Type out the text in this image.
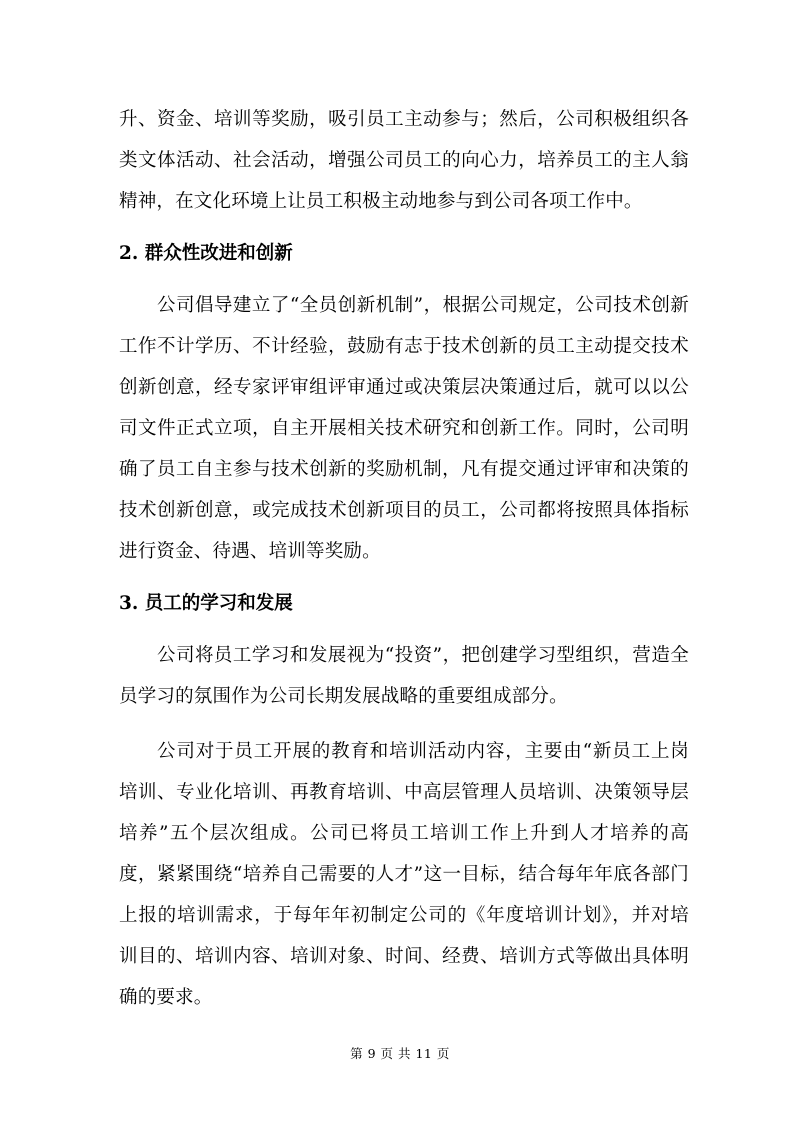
升、资金、培训等奖励，吸引员工主动参与；然后，公司积极组织各类文体活动、社会活动，增强公司员工的向心力，培养员工的主人翁精神，在文化环境上让员工积极主动地参与到公司各项工作中。

2. 群众性改进和创新

公司倡导建立了“全员创新机制”，根据公司规定，公司技术创新工作不计学历、不计经验，鼓励有志于技术创新的员工主动提交技术创新创意，经专家评审组评审通过或决策层决策通过后，就可以以公司文件正式立项，自主开展相关技术研究和创新工作。同时，公司明确了员工自主参与技术创新的奖励机制，凡有提交通过评审和决策的技术创新创意，或完成技术创新项目的员工，公司都将按照具体指标进行资金、待遇、培训等奖励。

3. 员工的学习和发展

公司将员工学习和发展视为“投资”，把创建学习型组织，营造全员学习的氛围作为公司长期发展战略的重要组成部分。

公司对于员工开展的教育和培训活动内容，主要由“新员工上岗培训、专业化培训、再教育培训、中高层管理人员培训、决策领导层培养”五个层次组成。公司已将员工培训工作上升到人才培养的高度，紧紧围绕“培养自己需要的人才”这一目标，结合每年年底各部门上报的培训需求，于每年年初制定公司的《年度培训计划》，并对培训目的、培训内容、培训对象、时间、经费、培训方式等做出具体明确的要求。

第 9 页 共 11 页
